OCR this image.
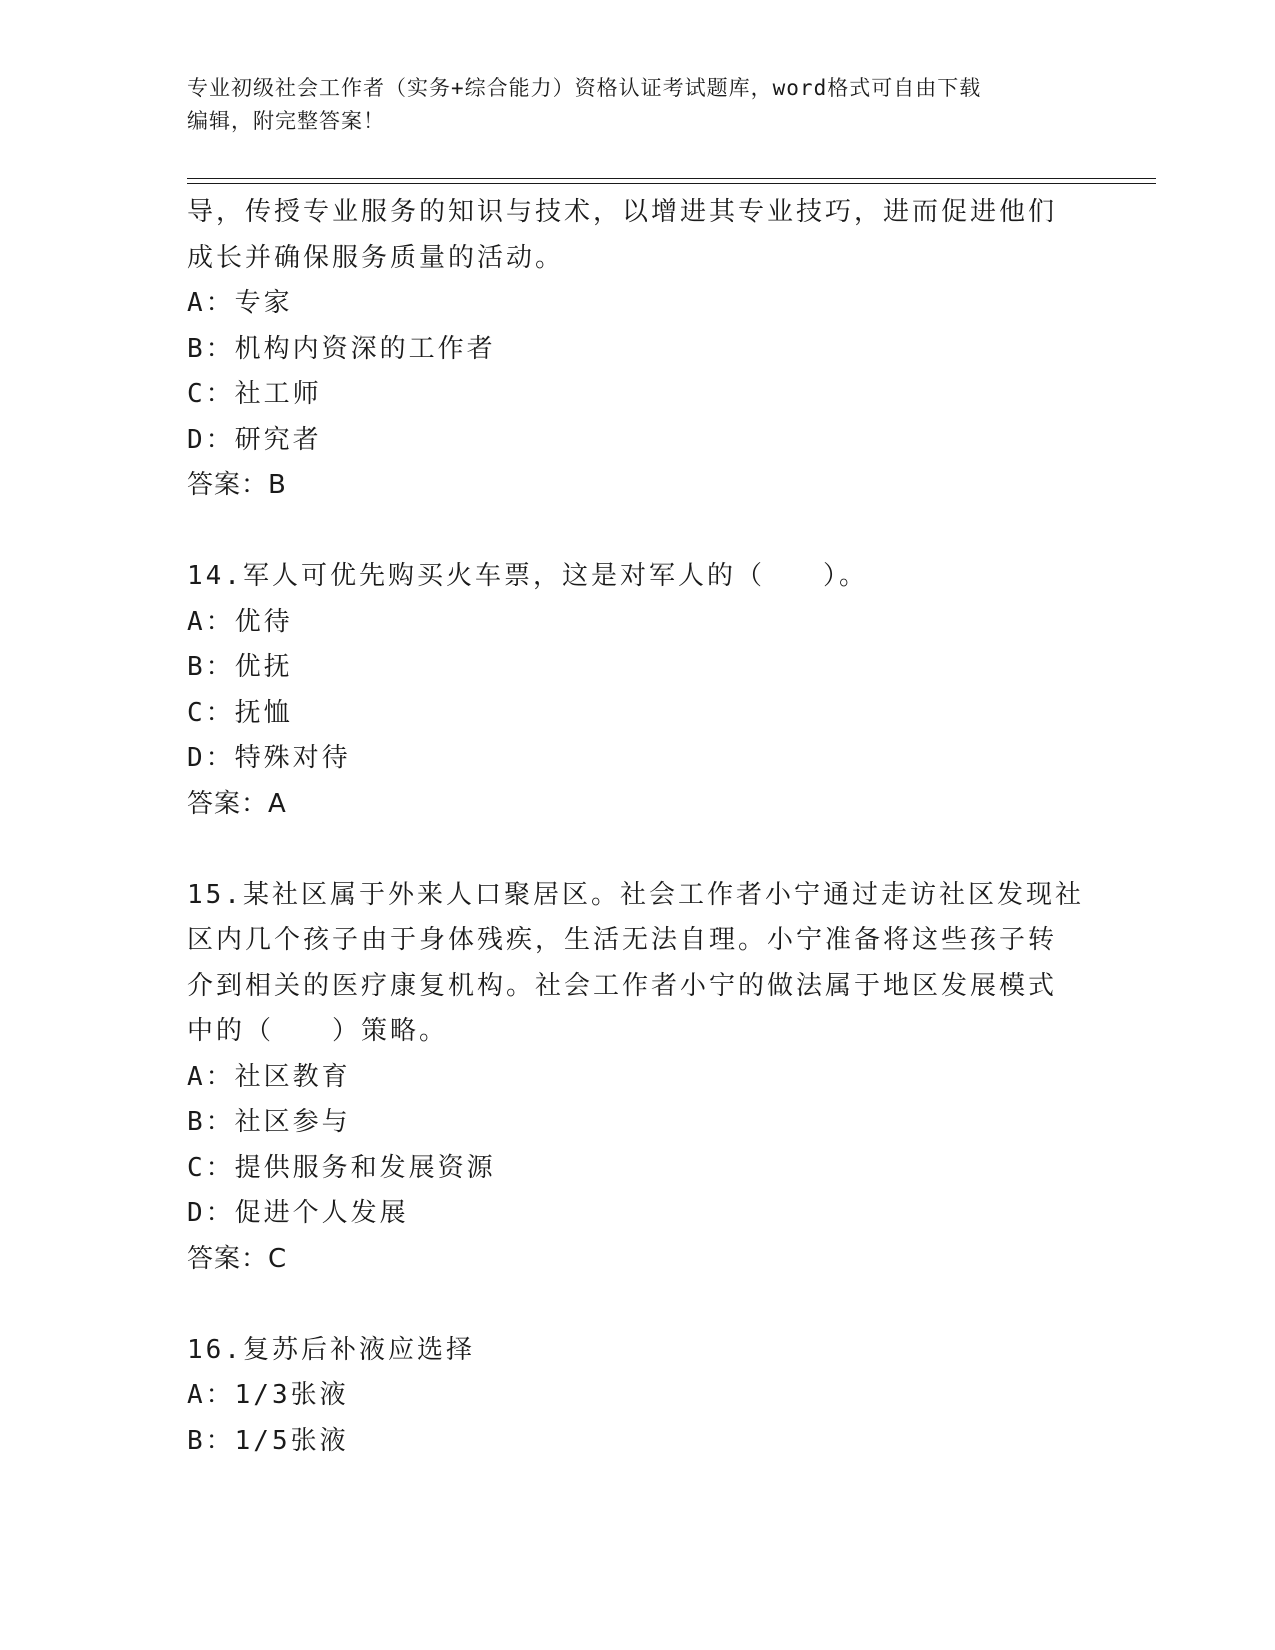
专业初级社会工作者（实务+综合能力）资格认证考试题库，word格式可自由下载
编辑，附完整答案！
导，传授专业服务的知识与技术，以增进其专业技巧，进而促进他们
成长并确保服务质量的活动。
A：专家
B：机构内资深的工作者
C：社工师
D：研究者
答案：B
14.军人可优先购买火车票，这是对军人的（　　）。
A：优待
B：优抚
C：抚恤
D：特殊对待
答案：A
15.某社区属于外来人口聚居区。社会工作者小宁通过走访社区发现社
区内几个孩子由于身体残疾，生活无法自理。小宁准备将这些孩子转
介到相关的医疗康复机构。社会工作者小宁的做法属于地区发展模式
中的（　　）策略。
A：社区教育
B：社区参与
C：提供服务和发展资源
D：促进个人发展
答案：C
16.复苏后补液应选择
A：1/3张液
B：1/5张液
